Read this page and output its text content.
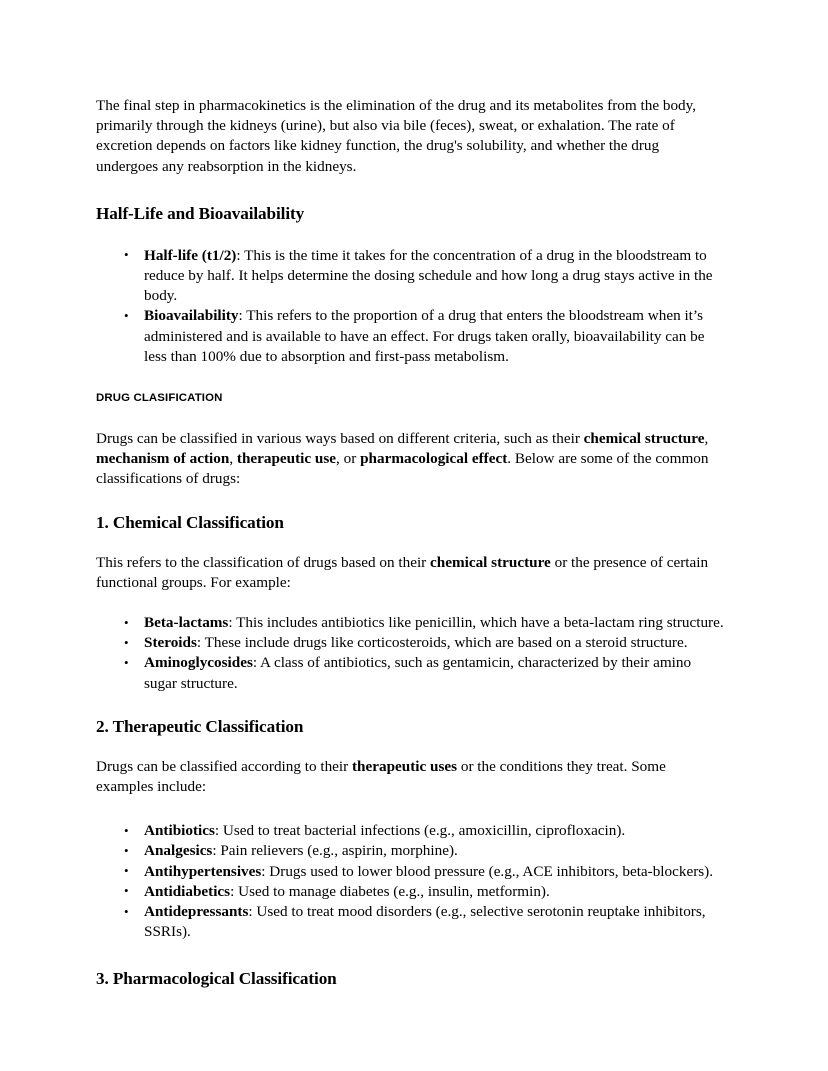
The final step in pharmacokinetics is the elimination of the drug and its metabolites from the body, primarily through the kidneys (urine), but also via bile (feces), sweat, or exhalation. The rate of excretion depends on factors like kidney function, the drug's solubility, and whether the drug undergoes any reabsorption in the kidneys.

Half-Life and Bioavailability
• Half-life (t1/2): This is the time it takes for the concentration of a drug in the bloodstream to reduce by half. It helps determine the dosing schedule and how long a drug stays active in the body.
• Bioavailability: This refers to the proportion of a drug that enters the bloodstream when it’s administered and is available to have an effect. For drugs taken orally, bioavailability can be less than 100% due to absorption and first-pass metabolism.
DRUG CLASIFICATION

Drugs can be classified in various ways based on different criteria, such as their chemical structure, mechanism of action, therapeutic use, or pharmacological effect. Below are some of the common classifications of drugs:

1. Chemical Classification

This refers to the classification of drugs based on their chemical structure or the presence of certain functional groups. For example:

• Beta-lactams: This includes antibiotics like penicillin, which have a beta-lactam ring structure.
• Steroids: These include drugs like corticosteroids, which are based on a steroid structure.
• Aminoglycosides: A class of antibiotics, such as gentamicin, characterized by their amino sugar structure.
2. Therapeutic Classification

Drugs can be classified according to their therapeutic uses or the conditions they treat. Some examples include:

• Antibiotics: Used to treat bacterial infections (e.g., amoxicillin, ciprofloxacin).
• Analgesics: Pain relievers (e.g., aspirin, morphine).
• Antihypertensives: Drugs used to lower blood pressure (e.g., ACE inhibitors, beta-blockers).
• Antidiabetics: Used to manage diabetes (e.g., insulin, metformin).
• Antidepressants: Used to treat mood disorders (e.g., selective serotonin reuptake inhibitors, SSRIs).
3. Pharmacological Classification
